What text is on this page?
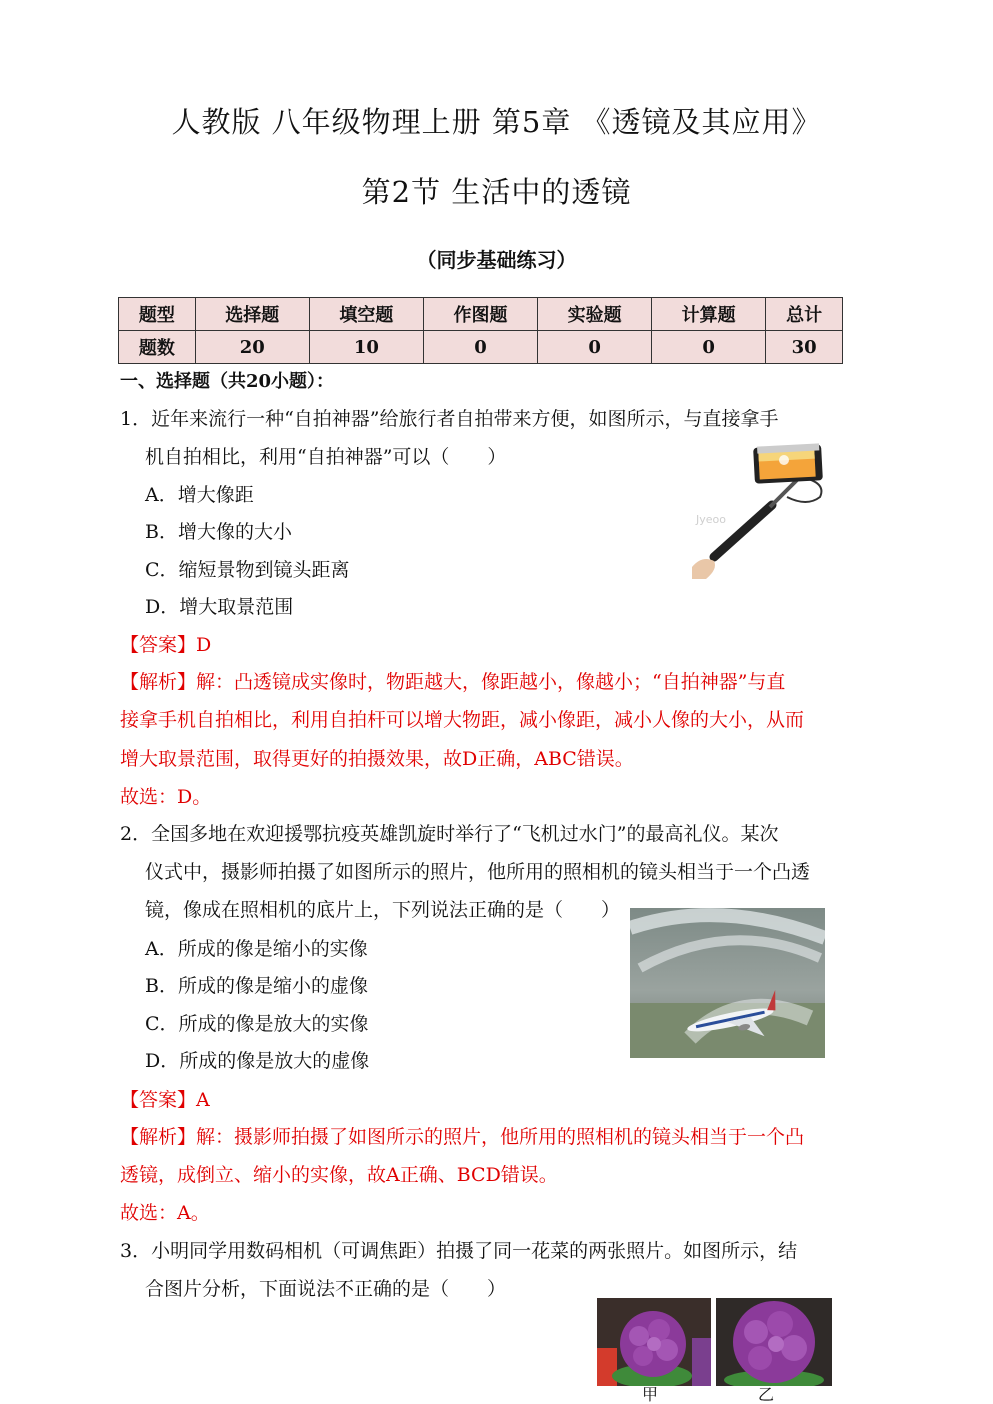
人教版 八年级物理上册 第5章 《透镜及其应用》
第2节 生活中的透镜
（同步基础练习）
题型	选择题	填空题	作图题	实验题	计算题	总计
题数	20	10	0	0	0	30
一、选择题（共20小题）：
1．近年来流行一种“自拍神器”给旅行者自拍带来方便，如图所示，与直接拿手
机自拍相比，利用“自拍神器”可以（　　）
A．增大像距
B．增大像的大小
C．缩短景物到镜头距离
D．增大取景范围
Jyeoo
【答案】D
【解析】解：凸透镜成实像时，物距越大，像距越小，像越小；“自拍神器”与直
接拿手机自拍相比，利用自拍杆可以增大物距，减小像距，减小人像的大小，从而
增大取景范围，取得更好的拍摄效果，故D正确，ABC错误。
故选：D。
2．全国多地在欢迎援鄂抗疫英雄凯旋时举行了“飞机过水门”的最高礼仪。某次
仪式中，摄影师拍摄了如图所示的照片，他所用的照相机的镜头相当于一个凸透
镜，像成在照相机的底片上，下列说法正确的是（　　）
A．所成的像是缩小的实像
B．所成的像是缩小的虚像
C．所成的像是放大的实像
D．所成的像是放大的虚像
【答案】A
【解析】解：摄影师拍摄了如图所示的照片，他所用的照相机的镜头相当于一个凸
透镜，成倒立、缩小的实像，故A正确、BCD错误。
故选：A。
3．小明同学用数码相机（可调焦距）拍摄了同一花菜的两张照片。如图所示，结
合图片分析，下面说法不正确的是（　　）
甲	乙
